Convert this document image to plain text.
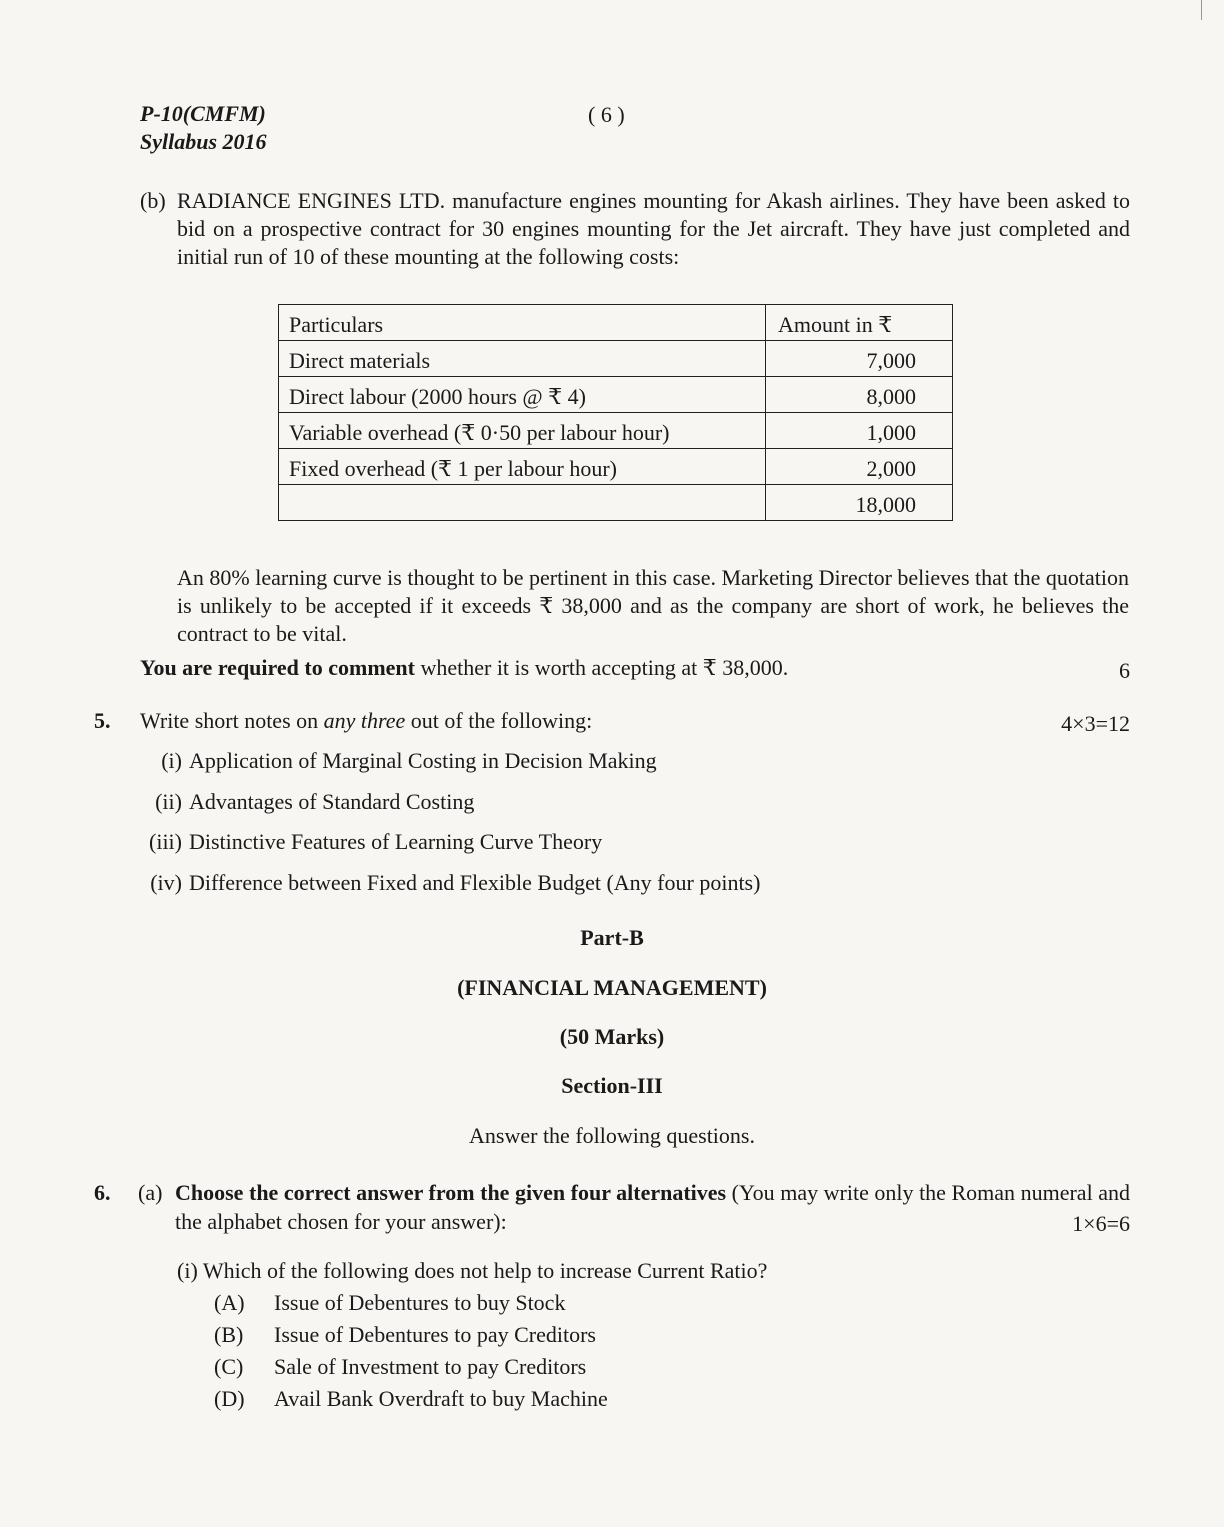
P-10(CMFM)
Syllabus 2016
( 6 )
(b) RADIANCE ENGINES LTD. manufacture engines mounting for Akash airlines. They have been asked to bid on a prospective contract for 30 engines mounting for the Jet aircraft. They have just completed and initial run of 10 of these mounting at the following costs:
Particulars	Amount in ₹
Direct materials	7,000
Direct labour (2000 hours @ ₹ 4)	8,000
Variable overhead (₹ 0·50 per labour hour)	1,000
Fixed overhead (₹ 1 per labour hour)	2,000
	18,000
An 80% learning curve is thought to be pertinent in this case. Marketing Director believes that the quotation is unlikely to be accepted if it exceeds ₹ 38,000 and as the company are short of work, he believes the contract to be vital.
You are required to comment whether it is worth accepting at ₹ 38,000.	6
5. Write short notes on any three out of the following:	4×3=12
(i) Application of Marginal Costing in Decision Making
(ii) Advantages of Standard Costing
(iii) Distinctive Features of Learning Curve Theory
(iv) Difference between Fixed and Flexible Budget (Any four points)
Part-B
(FINANCIAL MANAGEMENT)
(50 Marks)
Section-III
Answer the following questions.
6. (a) Choose the correct answer from the given four alternatives (You may write only the Roman numeral and the alphabet chosen for your answer):	1×6=6
(i) Which of the following does not help to increase Current Ratio?
(A) Issue of Debentures to buy Stock
(B) Issue of Debentures to pay Creditors
(C) Sale of Investment to pay Creditors
(D) Avail Bank Overdraft to buy Machine
